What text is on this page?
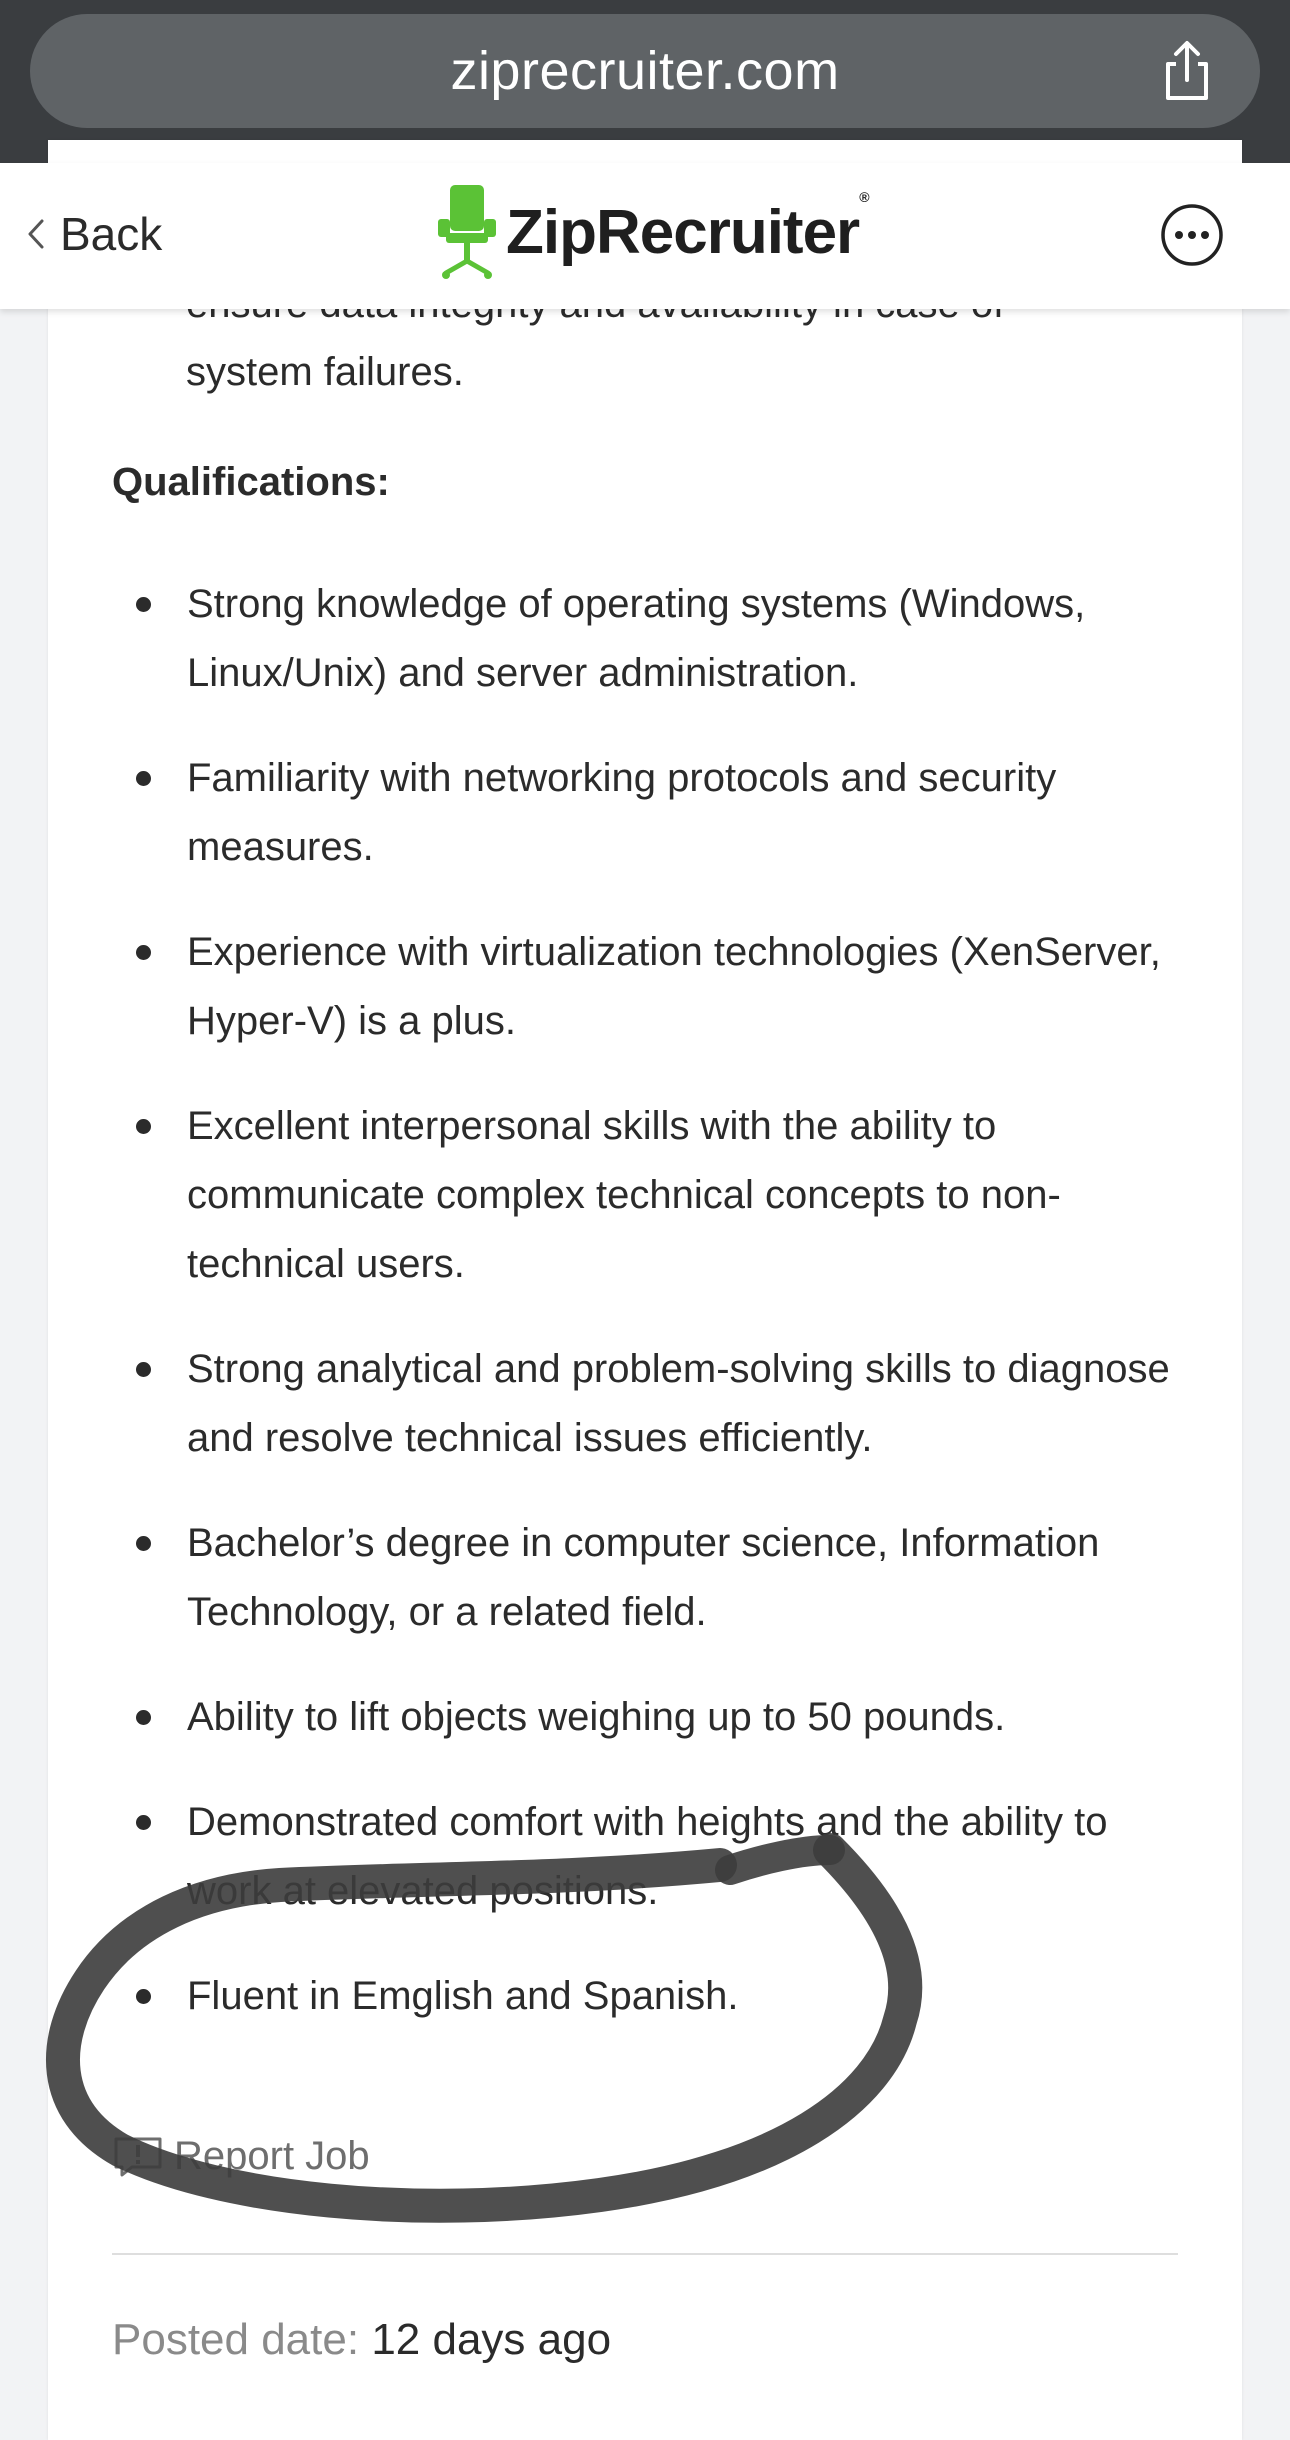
ziprecruiter.com
system failures.
Qualifications:
Strong knowledge of operating systems (Windows, Linux/Unix) and server administration.
Familiarity with networking protocols and security measures.
Experience with virtualization technologies (XenServer, Hyper-V) is a plus.
Excellent interpersonal skills with the ability to communicate complex technical concepts to non-technical users.
Strong analytical and problem-solving skills to diagnose and resolve technical issues efficiently.
Bachelor’s degree in computer science, Information Technology, or a related field.
Ability to lift objects weighing up to 50 pounds.
Demonstrated comfort with heights and the ability to work at elevated positions.
Fluent in Emglish and Spanish.
Report Job
Posted date: 12 days ago
Back	ZipRecruiter®
